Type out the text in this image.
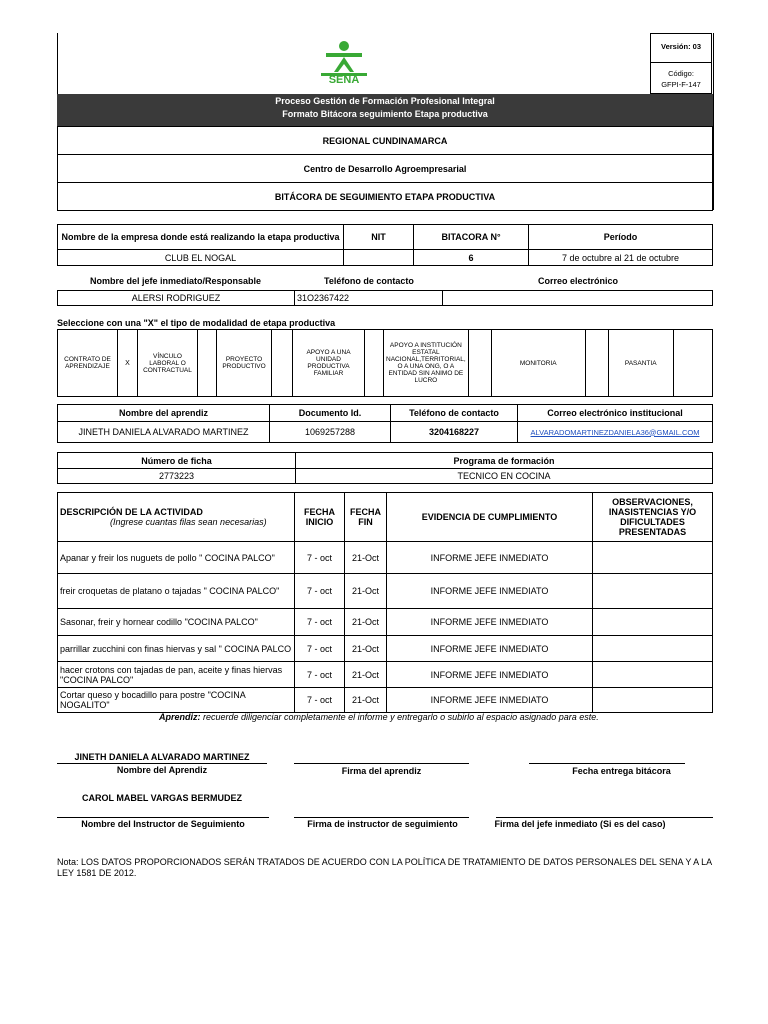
SENA
Versión: 03
Código:
GFPI-F-147
Proceso Gestión de Formación Profesional Integral
Formato Bitácora seguimiento Etapa productiva
REGIONAL CUNDINAMARCA
Centro de Desarrollo Agroempresarial
BITÁCORA DE SEGUIMIENTO ETAPA PRODUCTIVA
Nombre de la empresa donde está realizando la etapa productiva	NIT	BITACORA N°	Período
CLUB EL NOGAL		6	7 de octubre al 21 de octubre
Nombre del jefe inmediato/Responsable	Teléfono de contacto	Correo electrónico
ALERSI RODRIGUEZ	31O2367422	
Seleccione con una "X" el tipo de modalidad de etapa productiva
CONTRATO DE APRENDIZAJE	X	VÍNCULO LABORAL O CONTRACTUAL		PROYECTO PRODUCTIVO		APOYO A UNA UNIDAD PRODUCTIVA FAMILIAR		APOYO A INSTITUCIÓN ESTATAL NACIONAL,TERRITORIAL, O A UNA ONG, O A ENTIDAD SIN ANIMO DE LUCRO		MONITORIA		PASANTIA	
Nombre del aprendiz	Documento Id.	Teléfono de contacto	Correo electrónico institucional
JINETH DANIELA ALVARADO MARTINEZ	1069257288	3204168227	ALVARADOMARTINEZDANIELA36@GMAIL.COM
Número de ficha	Programa de formación
2773223	TECNICO EN COCINA
DESCRIPCIÓN DE LA ACTIVIDAD
(Ingrese cuantas filas sean necesarias)	FECHA INICIO	FECHA FIN	EVIDENCIA DE CUMPLIMIENTO	OBSERVACIONES, INASISTENCIAS Y/O DIFICULTADES PRESENTADAS
Apanar y freir los nuguets de pollo " COCINA PALCO"	7 - oct	21-Oct	INFORME JEFE INMEDIATO	
freir croquetas de platano o tajadas " COCINA PALCO"	7 - oct	21-Oct	INFORME JEFE INMEDIATO	
Sasonar, freir y hornear codillo "COCINA PALCO"	7 - oct	21-Oct	INFORME JEFE INMEDIATO	
parrillar zucchini con finas hiervas y sal " COCINA PALCO	7 - oct	21-Oct	INFORME JEFE INMEDIATO	
hacer crotons con tajadas de pan, aceite y finas hiervas "COCINA PALCO"	7 - oct	21-Oct	INFORME JEFE INMEDIATO	
Cortar queso y bocadillo para postre "COCINA NOGALITO"	7 - oct	21-Oct	INFORME JEFE INMEDIATO	
Aprendiz: recuerde diligenciar completamente el informe y entregarlo o subirlo al espacio asignado para este.
JINETH DANIELA ALVARADO MARTINEZ
Nombre del Aprendiz	Firma del aprendiz	Fecha entrega bitácora
CAROL MABEL VARGAS BERMUDEZ
Nombre del Instructor de Seguimiento	Firma de instructor de seguimiento	Firma del jefe inmediato (Si es del caso)
Nota: LOS DATOS PROPORCIONADOS SERÁN TRATADOS DE ACUERDO CON LA POLÍTICA DE TRATAMIENTO DE DATOS PERSONALES DEL SENA Y A LA LEY 1581 DE 2012.
